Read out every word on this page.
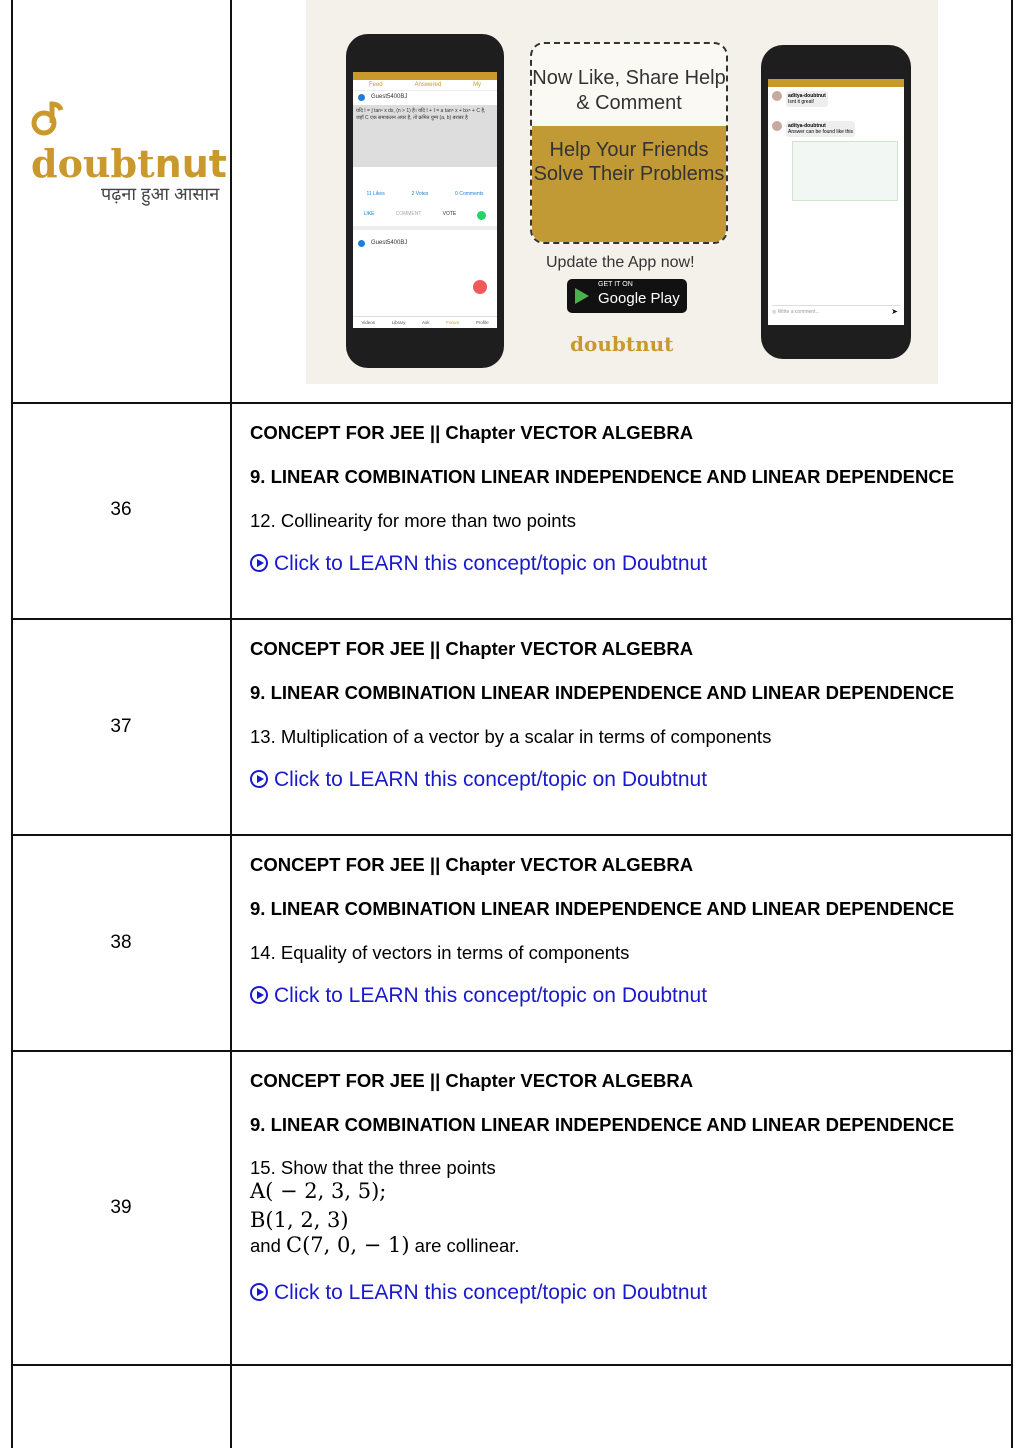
doubtnut
पढ़ना हुआ आसान
Feed	Answered	My
Guest5400BJ
यदि I = ∫ tanⁿ x dx, (n > 1) है। यदि I + I = a tan⁵ x + bx⁵ + C है, जहाँ C एक समाकलन अचर है, तो क्रमित युग्म (a, b) बराबर है
11 Likes	2 Votes	0 Comments
LIKE	COMMENT	VOTE
Guest5400BJ
Videos	Library	Ask	Forum	Profile
Now Like, Share Help & Comment
Help Your Friends Solve Their Problems
Update the App now!
GET IT ON
Google Play
doubtnut
aditya-doubtnut
Isnt it great!
aditya-doubtnut
Answer can be found like this
◎ Write a comment...	➤
36

CONCEPT FOR JEE || Chapter VECTOR ALGEBRA

9. LINEAR COMBINATION LINEAR INDEPENDENCE AND LINEAR DEPENDENCE

12. Collinearity for more than two points

Click to LEARN this concept/topic on Doubtnut

37

CONCEPT FOR JEE || Chapter VECTOR ALGEBRA

9. LINEAR COMBINATION LINEAR INDEPENDENCE AND LINEAR DEPENDENCE

13. Multiplication of a vector by a scalar in terms of components

Click to LEARN this concept/topic on Doubtnut

38

CONCEPT FOR JEE || Chapter VECTOR ALGEBRA

9. LINEAR COMBINATION LINEAR INDEPENDENCE AND LINEAR DEPENDENCE

14. Equality of vectors in terms of components

Click to LEARN this concept/topic on Doubtnut

39

CONCEPT FOR JEE || Chapter VECTOR ALGEBRA

9. LINEAR COMBINATION LINEAR INDEPENDENCE AND LINEAR DEPENDENCE

15. Show that the three points

A( − 2, 3, 5);

B(1, 2, 3)

and C(7, 0, − 1) are collinear.

Click to LEARN this concept/topic on Doubtnut
